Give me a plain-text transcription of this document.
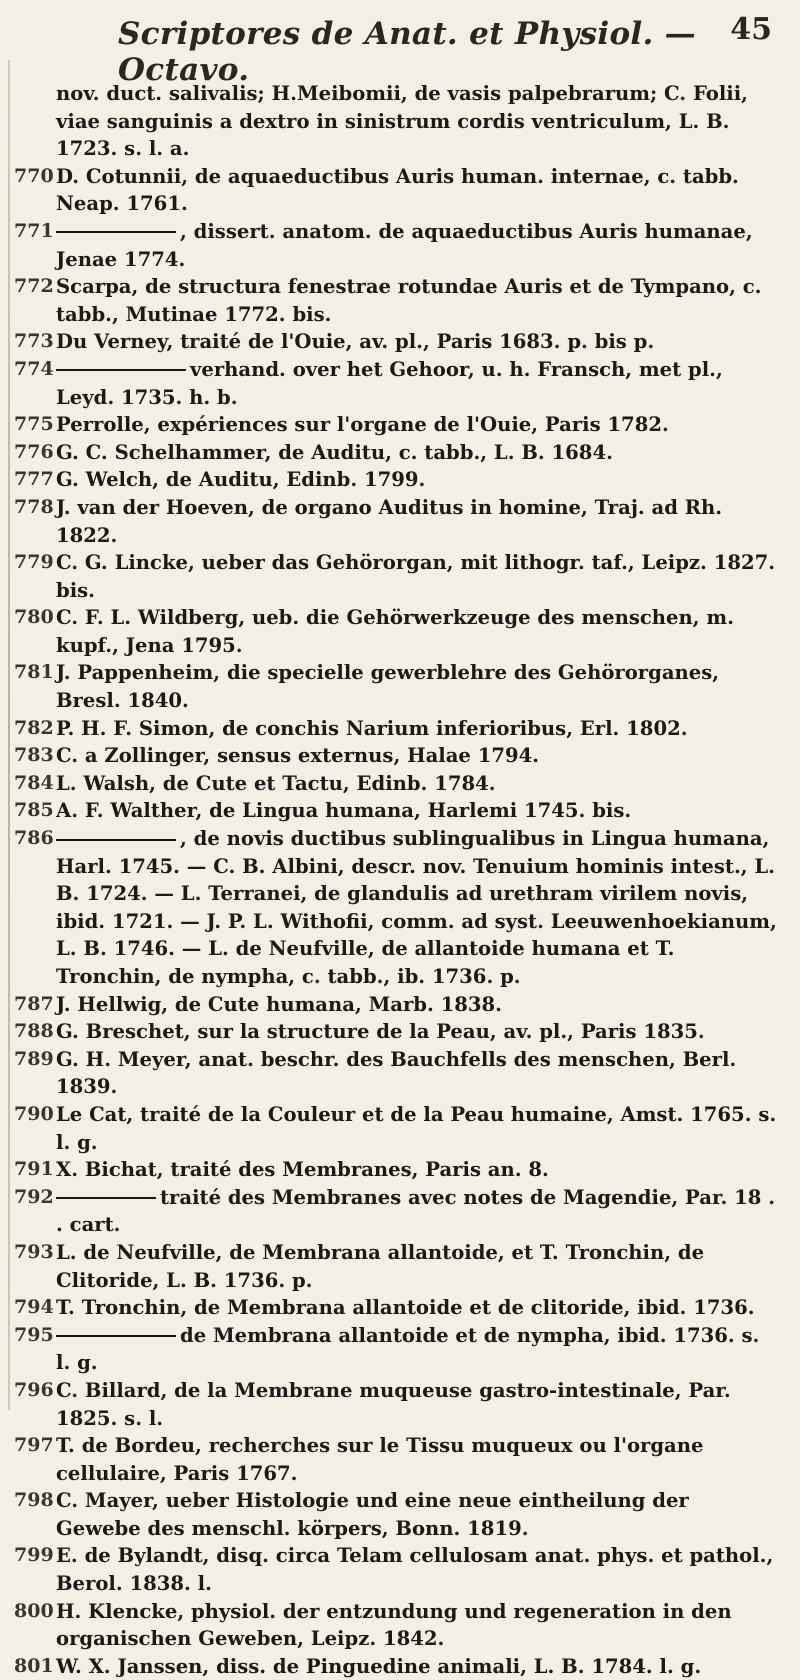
Scriptores de Anat. et Physiol. — Octavo.
45
nov. duct. salivalis; H.Meibomii, de vasis palpebrarum; C. Folii, viae sanguinis a dextro in sinistrum cordis ventriculum, L. B. 1723. s. l. a.
770 D. Cotunnii, de aquaeductibus Auris human. internae, c. tabb. Neap. 1761.
771	, dissert. anatom. de aquaeductibus Auris humanae, Jenae 1774.
772 Scarpa, de structura fenestrae rotundae Auris et de Tympano, c. tabb., Mutinae 1772. bis.
773 Du Verney, traité de l'Ouie, av. pl., Paris 1683. p. bis p.
774	verhand. over het Gehoor, u. h. Fransch, met pl., Leyd. 1735. h. b.
775 Perrolle, expériences sur l'organe de l'Ouie, Paris 1782.
776 G. C. Schelhammer, de Auditu, c. tabb., L. B. 1684.
777 G. Welch, de Auditu, Edinb. 1799.
778 J. van der Hoeven, de organo Auditus in homine, Traj. ad Rh. 1822.
779 C. G. Lincke, ueber das Gehörorgan, mit lithogr. taf., Leipz. 1827. bis.
780 C. F. L. Wildberg, ueb. die Gehörwerkzeuge des menschen, m. kupf., Jena 1795.
781 J. Pappenheim, die specielle gewerblehre des Gehörorganes, Bresl. 1840.
782 P. H. F. Simon, de conchis Narium inferioribus, Erl. 1802.
783 C. a Zollinger, sensus externus, Halae 1794.
784 L. Walsh, de Cute et Tactu, Edinb. 1784.
785 A. F. Walther, de Lingua humana, Harlemi 1745. bis.
786	, de novis ductibus sublingualibus in Lingua humana, Harl. 1745. — C. B. Albini, descr. nov. Tenuium hominis intest., L. B. 1724. — L. Terranei, de glandulis ad urethram virilem novis, ibid. 1721. — J. P. L. Withofii, comm. ad syst. Leeuwenhoekianum, L. B. 1746. — L. de Neufville, de allantoide humana et T. Tronchin, de nympha, c. tabb., ib. 1736. p.
787 J. Hellwig, de Cute humana, Marb. 1838.
788 G. Breschet, sur la structure de la Peau, av. pl., Paris 1835.
789 G. H. Meyer, anat. beschr. des Bauchfells des menschen, Berl. 1839.
790 Le Cat, traité de la Couleur et de la Peau humaine, Amst. 1765. s. l. g.
791 X. Bichat, traité des Membranes, Paris an. 8.
792	traité des Membranes avec notes de Magendie, Par. 18 . . cart.
793 L. de Neufville, de Membrana allantoide, et T. Tronchin, de Clitoride, L. B. 1736. p.
794 T. Tronchin, de Membrana allantoide et de clitoride, ibid. 1736.
795	de Membrana allantoide et de nympha, ibid. 1736. s. l. g.
796 C. Billard, de la Membrane muqueuse gastro-intestinale, Par. 1825. s. l.
797 T. de Bordeu, recherches sur le Tissu muqueux ou l'organe cellulaire, Paris 1767.
798 C. Mayer, ueber Histologie und eine neue eintheilung der Gewebe des menschl. körpers, Bonn. 1819.
799 E. de Bylandt, disq. circa Telam cellulosam anat. phys. et pathol., Berol. 1838. l.
800 H. Klencke, physiol. der entzundung und regeneration in den organischen Geweben, Leipz. 1842.
801 W. X. Janssen, diss. de Pinguedine animali, L. B. 1784. l. g.
